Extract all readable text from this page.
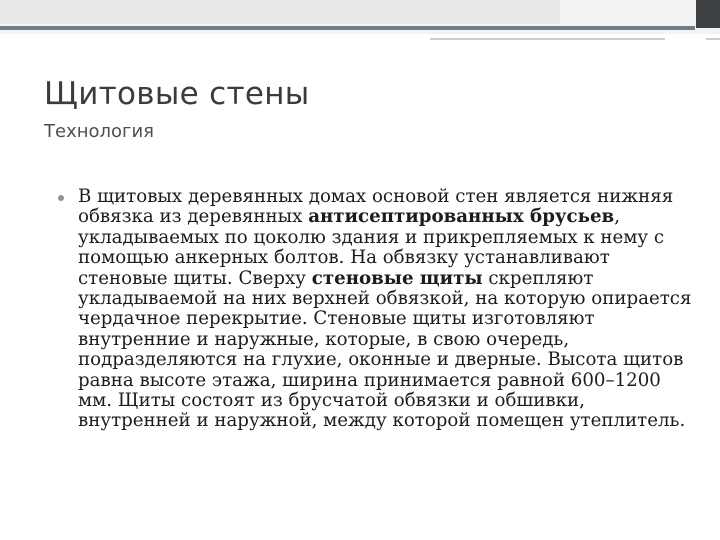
Щитовые стены
Технология

В щитовых деревянных домах основой стен является нижняя обвязка из деревянных антисептированных брусьев, укладываемых по цоколю здания и прикрепляемых к нему с помощью анкерных болтов. На обвязку устанавливают стеновые щиты. Сверху стеновые щиты скрепляют укладываемой на них верхней обвязкой, на которую опирается чердачное перекрытие. Стеновые щиты изготовляют внутренние и наружные, которые, в свою очередь, подразделяются на глухие, оконные и дверные. Высота щитов равна высоте этажа, ширина принимается равной 600–1200 мм. Щиты состоят из брусчатой обвязки и обшивки, внутренней и наружной, между которой помещен утеплитель.
